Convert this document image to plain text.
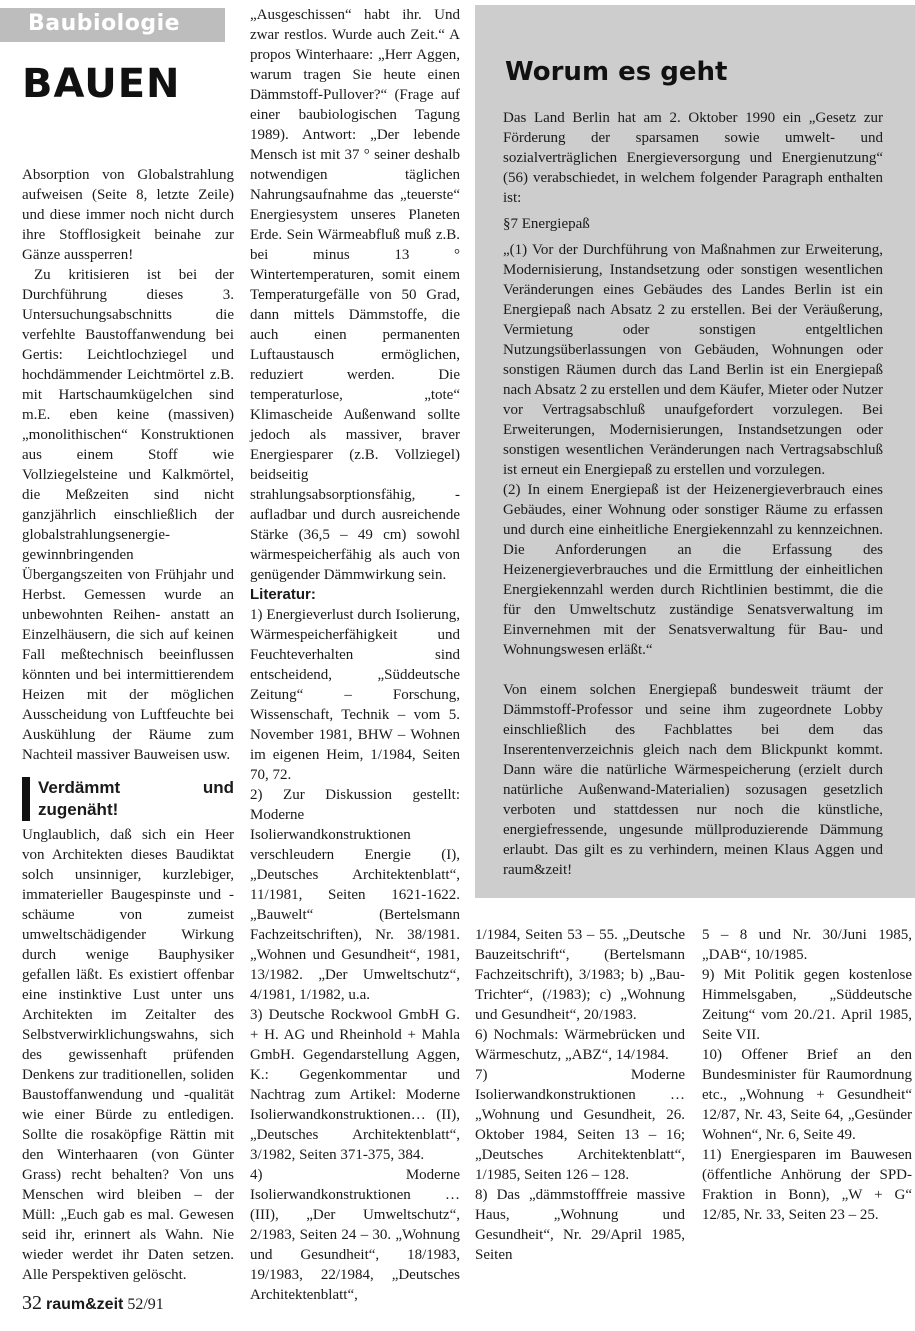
Baubiologie
BAUEN

Absorption von Globalstrahlung aufweisen (Seite 8, letzte Zeile) und diese immer noch nicht durch ihre Stofflosigkeit beinahe zur Gänze aussperren!

Zu kritisieren ist bei der Durchführung dieses 3. Untersuchungsabschnitts die verfehlte Baustoffanwendung bei Gertis: Leichtlochziegel und hochdämmender Leichtmörtel z.B. mit Hartschaumkügelchen sind m.E. eben keine (massiven) „monolithischen“ Konstruktionen aus einem Stoff wie Vollziegelsteine und Kalkmörtel, die Meßzeiten sind nicht ganzjährlich einschließlich der globalstrahlungsenergie-gewinnbringenden Übergangszeiten von Frühjahr und Herbst. Gemessen wurde an unbewohnten Reihen- anstatt an Einzelhäusern, die sich auf keinen Fall meßtechnisch beeinflussen könnten und bei intermittierendem Heizen mit der möglichen Ausscheidung von Luftfeuchte bei Auskühlung der Räume zum Nachteil massiver Bauweisen usw.

Verdämmt und zugenäht!

Unglaublich, daß sich ein Heer von Architekten dieses Baudiktat solch unsinniger, kurzlebiger, immaterieller Baugespinste und -schäume von zumeist umweltschädigender Wirkung durch wenige Bauphysiker gefallen läßt. Es existiert offenbar eine instinktive Lust unter uns Architekten im Zeitalter des Selbstverwirklichungswahns, sich des gewissenhaft prüfenden Denkens zur traditionellen, soliden Baustoffanwendung und -qualität wie einer Bürde zu entledigen. Sollte die rosaköpfige Rättin mit den Winterhaaren (von Günter Grass) recht behalten? Von uns Menschen wird bleiben – der Müll: „Euch gab es mal. Gewesen seid ihr, erinnert als Wahn. Nie wieder werdet ihr Daten setzen. Alle Perspektiven gelöscht.

„Ausgeschissen“ habt ihr. Und zwar restlos. Wurde auch Zeit.“ A propos Winterhaare: „Herr Aggen, warum tragen Sie heute einen Dämmstoff-Pullover?“ (Frage auf einer baubiologischen Tagung 1989). Antwort: „Der lebende Mensch ist mit 37 ° seiner deshalb notwendigen täglichen Nahrungsaufnahme das „teuerste“ Energiesystem unseres Planeten Erde. Sein Wärmeabfluß muß z.B. bei minus 13 ° Wintertemperaturen, somit einem Temperaturgefälle von 50 Grad, dann mittels Dämmstoffe, die auch einen permanenten Luftaustausch ermöglichen, reduziert werden. Die temperaturlose, „tote“ Klimascheide Außenwand sollte jedoch als massiver, braver Energiesparer (z.B. Vollziegel) beidseitig strahlungsabsorptionsfähig, -aufladbar und durch ausreichende Stärke (36,5 – 49 cm) sowohl wärmespeicherfähig als auch von genügender Dämmwirkung sein.

Literatur:

1) Energieverlust durch Isolierung, Wärmespeicherfähigkeit und Feuchteverhalten sind entscheidend, „Süddeutsche Zeitung“ – Forschung, Wissenschaft, Technik – vom 5. November 1981, BHW – Wohnen im eigenen Heim, 1/1984, Seiten 70, 72.

2) Zur Diskussion gestellt: Moderne Isolierwandkonstruktionen verschleudern Energie (I), „Deutsches Architektenblatt“, 11/1981, Seiten 1621-1622. „Bauwelt“ (Bertelsmann Fachzeitschriften), Nr. 38/1981. „Wohnen und Gesundheit“, 1981, 13/1982. „Der Umweltschutz“, 4/1981, 1/1982, u.a.

3) Deutsche Rockwool GmbH G. + H. AG und Rheinhold + Mahla GmbH. Gegendarstellung Aggen, K.: Gegenkommentar und Nachtrag zum Artikel: Moderne Isolierwandkonstruktionen… (II), „Deutsches Architektenblatt“, 3/1982, Seiten 371-375, 384.

4) Moderne Isolierwandkonstruktionen … (III), „Der Umweltschutz“, 2/1983, Seiten 24 – 30. „Wohnung und Gesundheit“, 18/1983, 19/1983, 22/1984, „Deutsches Architektenblatt“,

Worum es geht

Das Land Berlin hat am 2. Oktober 1990 ein „Gesetz zur Förderung der sparsamen sowie umwelt- und sozialverträglichen Energieversorgung und Energienutzung“ (56) verabschiedet, in welchem folgender Paragraph enthalten ist:

§7 Energiepaß

„(1) Vor der Durchführung von Maßnahmen zur Erweiterung, Modernisierung, Instandsetzung oder sonstigen wesentlichen Veränderungen eines Gebäudes des Landes Berlin ist ein Energiepaß nach Absatz 2 zu erstellen. Bei der Veräußerung, Vermietung oder sonstigen entgeltlichen Nutzungsüberlassungen von Gebäuden, Wohnungen oder sonstigen Räumen durch das Land Berlin ist ein Energiepaß nach Absatz 2 zu erstellen und dem Käufer, Mieter oder Nutzer vor Vertragsabschluß unaufgefordert vorzulegen. Bei Erweiterungen, Modernisierungen, Instandsetzungen oder sonstigen wesentlichen Veränderungen nach Vertragsabschluß ist erneut ein Energiepaß zu erstellen und vorzulegen.

(2) In einem Energiepaß ist der Heizenergieverbrauch eines Gebäudes, einer Wohnung oder sonstiger Räume zu erfassen und durch eine einheitliche Energiekennzahl zu kennzeichnen. Die Anforderungen an die Erfassung des Heizenergieverbrauches und die Ermittlung der einheitlichen Energiekennzahl werden durch Richtlinien bestimmt, die die für den Umweltschutz zuständige Senatsverwaltung im Einvernehmen mit der Senatsverwaltung für Bau- und Wohnungswesen erläßt.“

Von einem solchen Energiepaß bundesweit träumt der Dämmstoff-Professor und seine ihm zugeordnete Lobby einschließlich des Fachblattes bei dem das Inserentenverzeichnis gleich nach dem Blickpunkt kommt. Dann wäre die natürliche Wärmespeicherung (erzielt durch natürliche Außenwand-Materialien) sozusagen gesetzlich verboten und stattdessen nur noch die künstliche, energiefressende, ungesunde müllproduzierende Dämmung erlaubt. Das gilt es zu verhindern, meinen Klaus Aggen und raum&zeit!

1/1984, Seiten 53 – 55. „Deutsche Bauzeitschrift“, (Bertelsmann Fachzeitschrift), 3/1983; b) „Bau-Trichter“, (/1983); c) „Wohnung und Gesundheit“, 20/1983.

6) Nochmals: Wärmebrücken und Wärmeschutz, „ABZ“, 14/1984.

7) Moderne Isolierwandkonstruktionen … „Wohnung und Gesundheit, 26. Oktober 1984, Seiten 13 – 16; „Deutsches Architektenblatt“, 1/1985, Seiten 126 – 128.

8) Das „dämmstofffreie massive Haus, „Wohnung und Gesundheit“, Nr. 29/April 1985, Seiten

5 – 8 und Nr. 30/Juni 1985, „DAB“, 10/1985.

9) Mit Politik gegen kostenlose Himmelsgaben, „Süddeutsche Zeitung“ vom 20./21. April 1985, Seite VII.

10) Offener Brief an den Bundesminister für Raumordnung etc., „Wohnung + Gesundheit“ 12/87, Nr. 43, Seite 64, „Gesünder Wohnen“, Nr. 6, Seite 49.

11) Energiesparen im Bauwesen (öffentliche Anhörung der SPD-Fraktion in Bonn), „W + G“ 12/85, Nr. 33, Seiten 23 – 25.

32 raum&zeit 52/91
